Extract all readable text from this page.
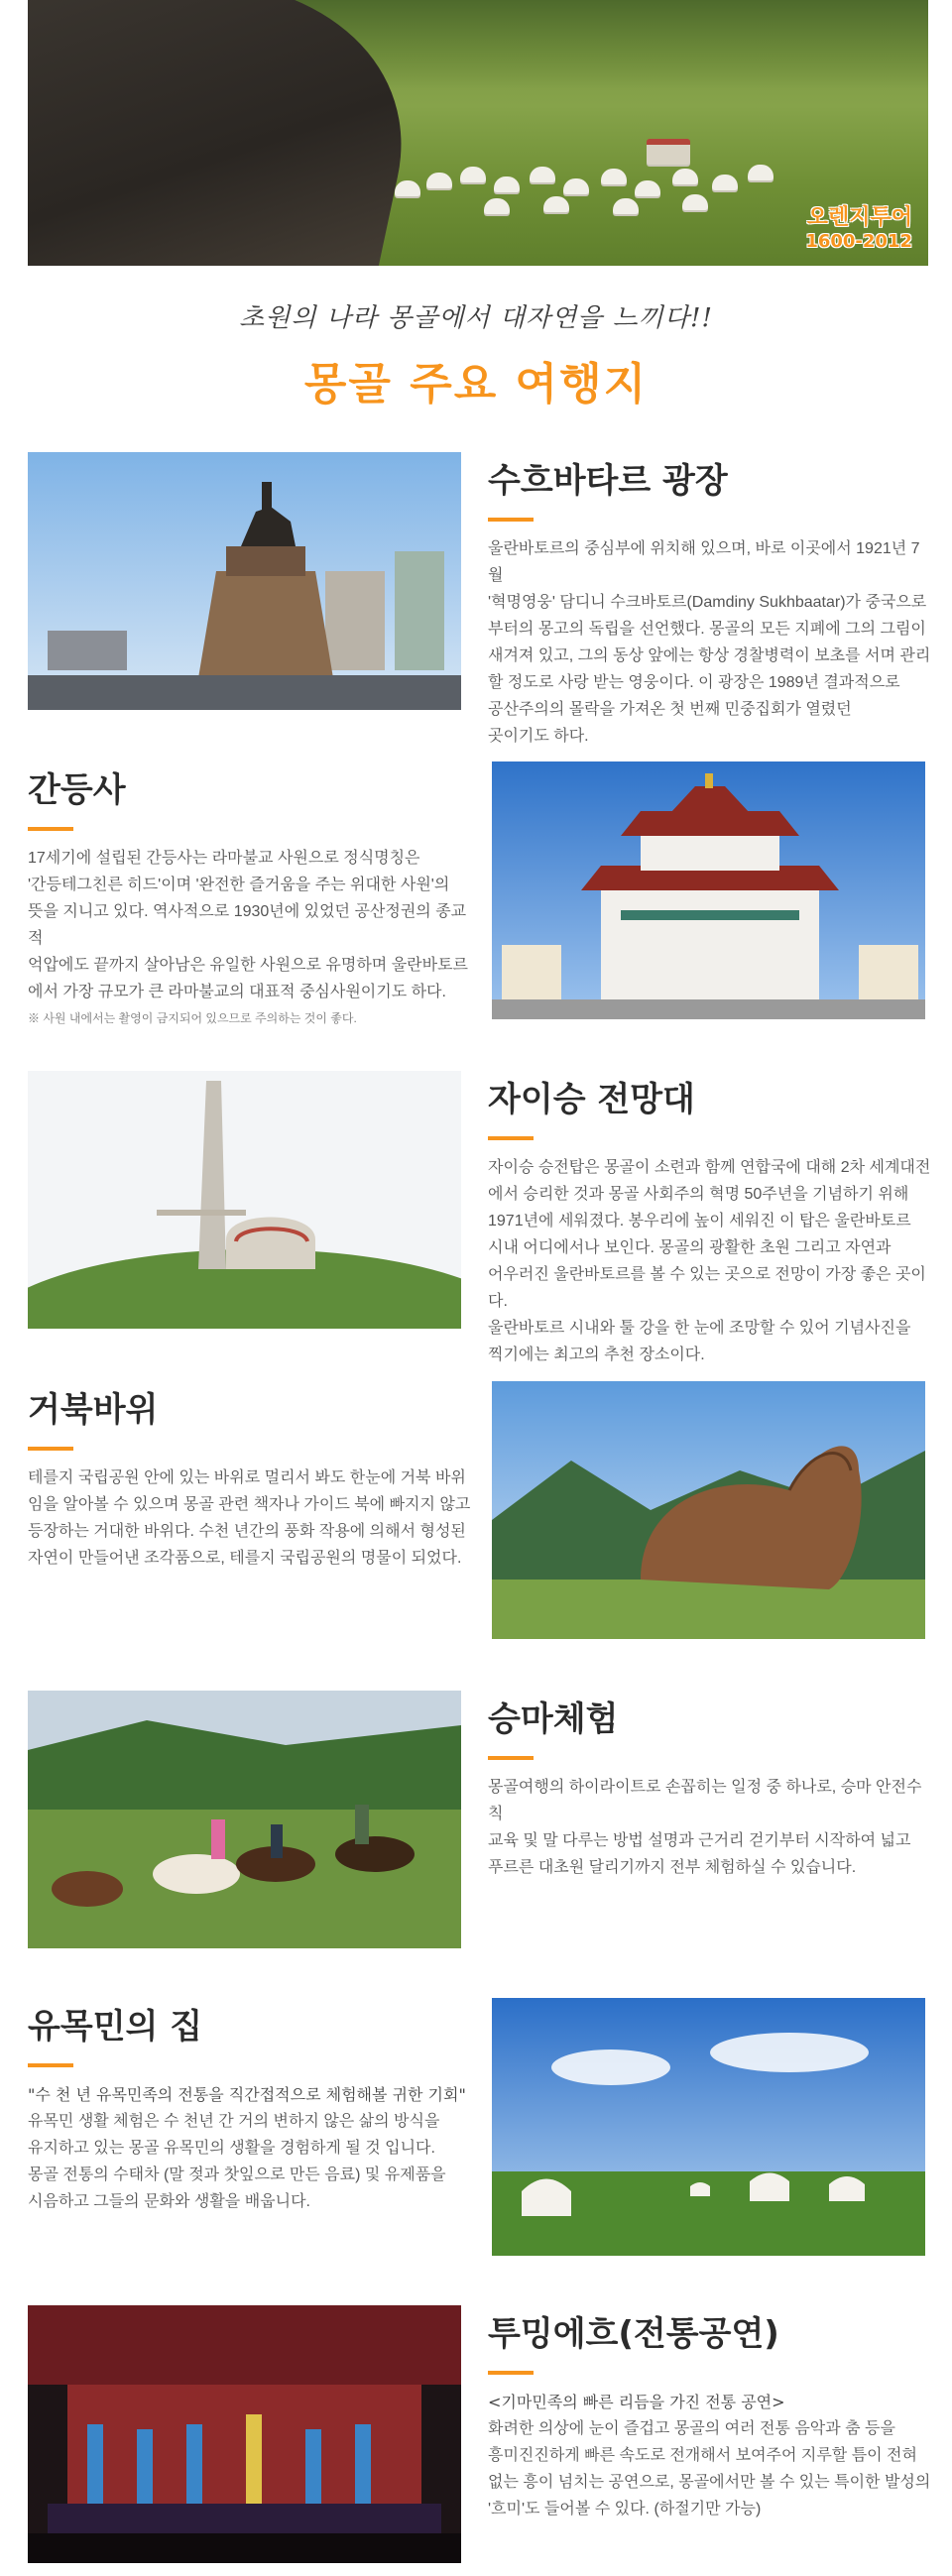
오렌지투어
1600-2012
초원의 나라 몽골에서 대자연을 느끼다!!
몽골 주요 여행지
수흐바타르 광장
울란바토르의 중심부에 위치해 있으며, 바로 이곳에서 1921년 7월
'혁명영웅' 담디니 수크바토르(Damdiny Sukhbaatar)가 중국으로
부터의 몽고의 독립을 선언했다. 몽골의 모든 지폐에 그의 그림이
새겨져 있고, 그의 동상 앞에는 항상 경찰병력이 보초를 서며 관리
할 정도로 사랑 받는 영웅이다. 이 광장은 1989년 결과적으로
공산주의의 몰락을 가져온 첫 번째 민중집회가 열렸던
곳이기도 하다.
간등사
17세기에 설립된 간등사는 라마불교 사원으로 정식명칭은
'간등테그친른 히드'이며 '완전한 즐거움을 주는 위대한 사원'의
뜻을 지니고 있다. 역사적으로 1930년에 있었던 공산정권의 종교적
억압에도 끝까지 살아남은 유일한 사원으로 유명하며 울란바토르
에서 가장 규모가 큰 라마불교의 대표적 중심사원이기도 하다.
※ 사원 내에서는 촬영이 금지되어 있으므로 주의하는 것이 좋다.
자이승 전망대
자이승 승전탑은 몽골이 소련과 함께 연합국에 대해 2차 세계대전
에서 승리한 것과 몽골 사회주의 혁명 50주년을 기념하기 위해
1971년에 세워졌다. 봉우리에 높이 세워진 이 탑은 울란바토르
시내 어디에서나 보인다. 몽골의 광활한 초원 그리고 자연과
어우러진 울란바토르를 볼 수 있는 곳으로 전망이 가장 좋은 곳이다.
울란바토르 시내와 툴 강을 한 눈에 조망할 수 있어 기념사진을
찍기에는 최고의 추천 장소이다.
거북바위
테를지 국립공원 안에 있는 바위로 멀리서 봐도 한눈에 거북 바위
임을 알아볼 수 있으며 몽골 관련 책자나 가이드 북에 빠지지 않고
등장하는 거대한 바위다. 수천 년간의 풍화 작용에 의해서 형성된
자연이 만들어낸 조각품으로, 테를지 국립공원의 명물이 되었다.
승마체험
몽골여행의 하이라이트로 손꼽히는 일정 중 하나로, 승마 안전수칙
교육 및 말 다루는 방법 설명과 근거리 걷기부터 시작하여 넓고
푸르른 대초원 달리기까지 전부 체험하실 수 있습니다.
유목민의 집
"수 천 년 유목민족의 전통을 직간접적으로 체험해볼 귀한 기회"
유목민 생활 체험은 수 천년 간 거의 변하지 않은 삶의 방식을
유지하고 있는 몽골 유목민의 생활을 경험하게 될 것 입니다.
몽골 전통의 수태차 (말 젖과 찻잎으로 만든 음료) 및 유제품을
시음하고 그들의 문화와 생활을 배웁니다.
투밍에흐(전통공연)
<기마민족의 빠른 리듬을 가진 전통 공연>
화려한 의상에 눈이 즐겁고 몽골의 여러 전통 음악과 춤 등을
흥미진진하게 빠른 속도로 전개해서 보여주어 지루할 틈이 전혀
없는 흥이 넘치는 공연으로, 몽골에서만 볼 수 있는 특이한 발성의
'흐미'도 들어볼 수 있다. (하절기만 가능)
